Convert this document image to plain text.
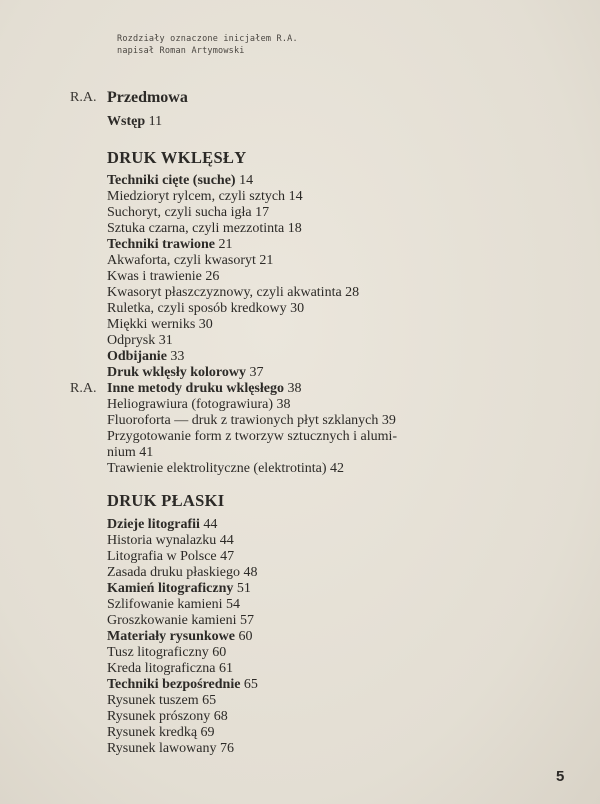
Rozdziały oznaczone inicjałem R.A.
napisał Roman Artymowski
R.A. Przedmowa
Wstęp 11
DRUK WKLĘSŁY
Techniki cięte (suche) 14
Miedzioryt rylcem, czyli sztych 14
Suchoryt, czyli sucha igła 17
Sztuka czarna, czyli mezzotinta 18
Techniki trawione 21
Akwaforta, czyli kwasoryt 21
Kwas i trawienie 26
Kwasoryt płaszczyznowy, czyli akwatinta 28
Ruletka, czyli sposób kredkowy 30
Miękki werniks 30
Odprysk 31
Odbijanie 33
Druk wklęsły kolorowy 37
R.A. Inne metody druku wklęsłego 38
Heliograwiura (fotograwiura) 38
Fluoroforta — druk z trawionych płyt szklanych 39
Przygotowanie form z tworzyw sztucznych i alumi-
nium 41
Trawienie elektrolityczne (elektrotinta) 42
DRUK PŁASKI
Dzieje litografii 44
Historia wynalazku 44
Litografia w Polsce 47
Zasada druku płaskiego 48
Kamień litograficzny 51
Szlifowanie kamieni 54
Groszkowanie kamieni 57
Materiały rysunkowe 60
Tusz litograficzny 60
Kreda litograficzna 61
Techniki bezpośrednie 65
Rysunek tuszem 65
Rysunek prószony 68
Rysunek kredką 69
Rysunek lawowany 76
5
